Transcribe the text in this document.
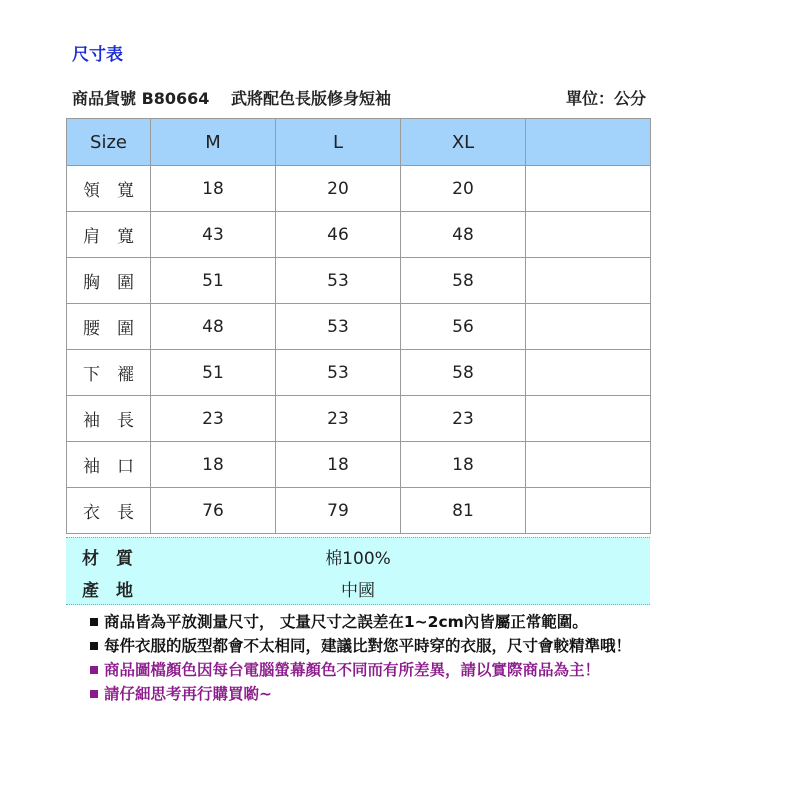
尺寸表
商品貨號 B80664　 武將配色長版修身短袖	單位：公分
Size	M	L	XL	
領　寬	18	20	20	
肩　寬	43	46	48	
胸　圍	51	53	58	
腰　圍	48	53	56	
下　襬	51	53	58	
袖　長	23	23	23	
袖　口	18	18	18	
衣　長	76	79	81	
材　質	棉100%
產　地	中國
商品皆為平放測量尺寸， 丈量尺寸之誤差在1~2cm內皆屬正常範圍。
每件衣服的版型都會不太相同，建議比對您平時穿的衣服，尺寸會較精準哦！
商品圖檔顏色因每台電腦螢幕顏色不同而有所差異，請以實際商品為主！
請仔細思考再行購買喲~
